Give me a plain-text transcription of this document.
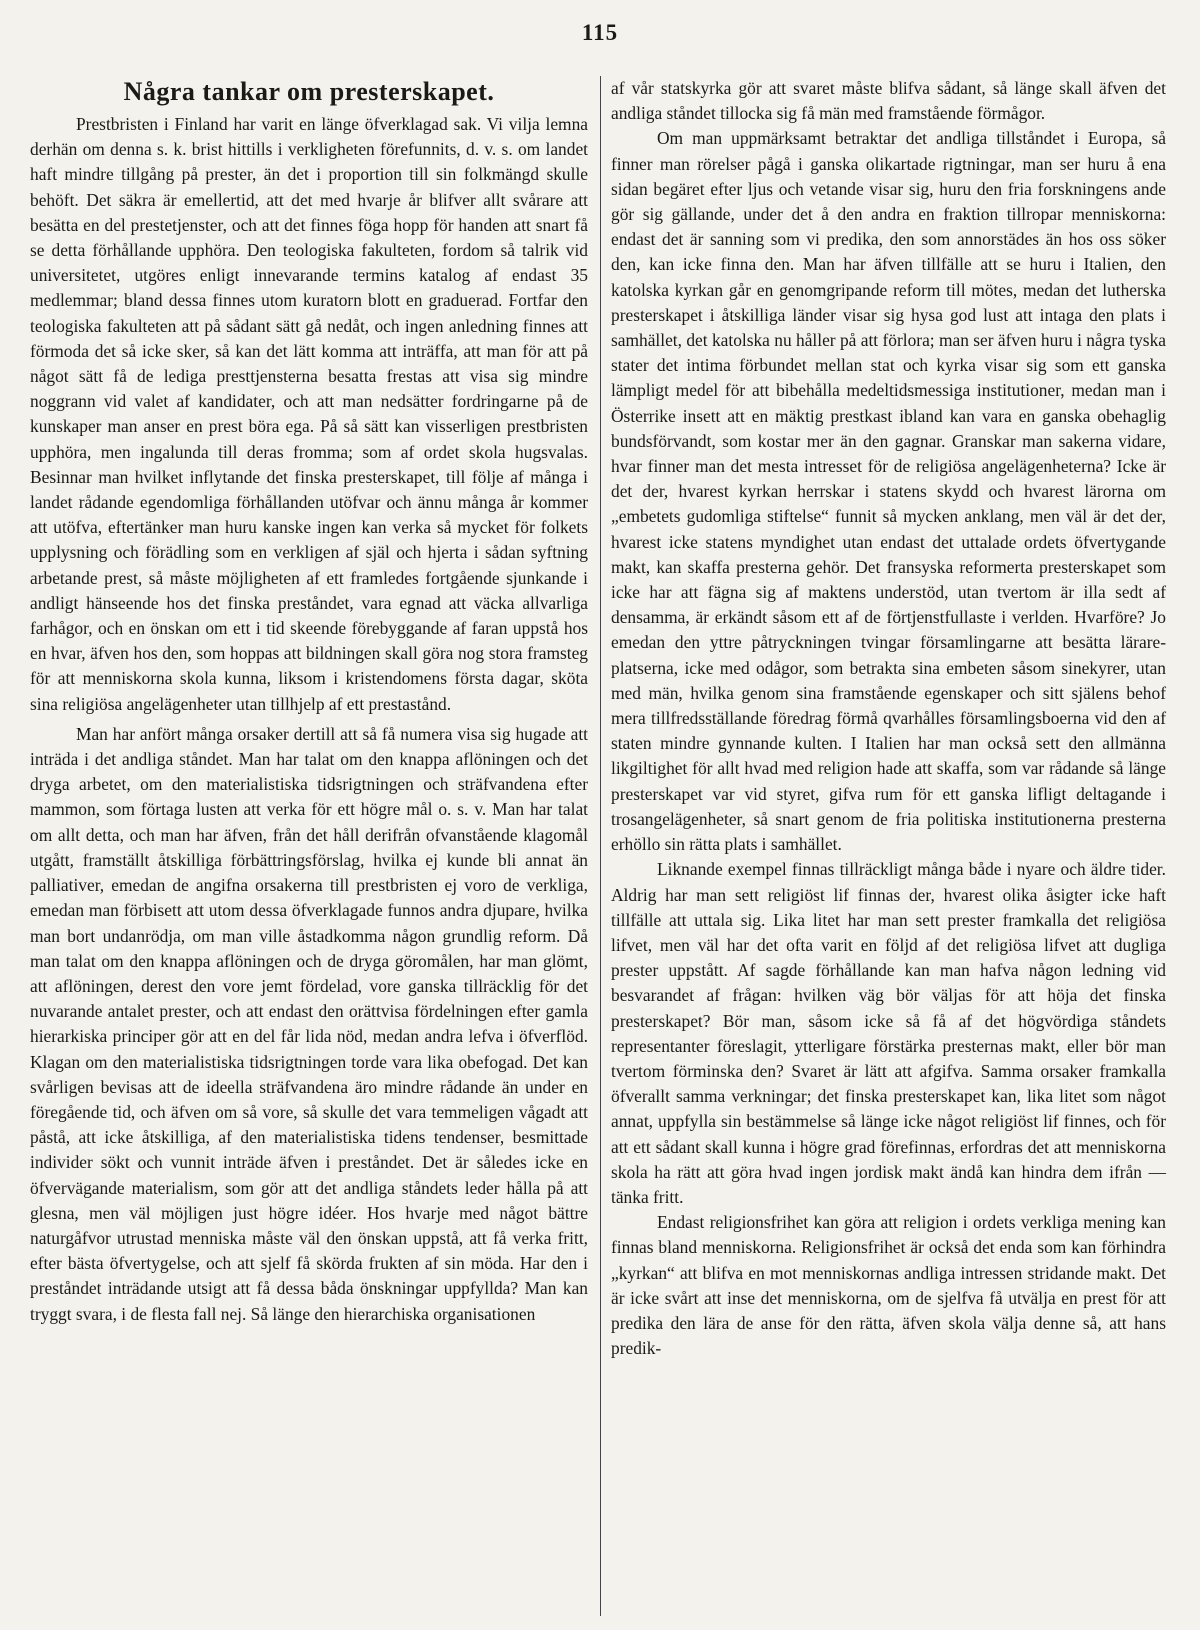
115
Några tankar om presterskapet.

Prestbristen i Finland har varit en länge öfverklagad sak. Vi vilja lemna derhän om denna s. k. brist hittills i verkligheten förefunnits, d. v. s. om landet haft mindre tillgång på prester, än det i proportion till sin folkmängd skulle behöft. Det säkra är emellertid, att det med hvarje år blifver allt svårare att besätta en del prestetjenster, och att det finnes föga hopp för handen att snart få se detta förhållande upphöra. Den teologiska fakulteten, fordom så talrik vid universitetet, utgöres enligt innevarande termins katalog af endast 35 medlemmar; bland dessa finnes utom kuratorn blott en graduerad. Fortfar den teologiska fakulteten att på sådant sätt gå nedåt, och ingen anledning finnes att förmoda det så icke sker, så kan det lätt komma att inträffa, att man för att på något sätt få de lediga presttjensterna besatta frestas att visa sig mindre noggrann vid valet af kandidater, och att man nedsätter fordringarne på de kunskaper man anser en prest böra ega. På så sätt kan visserligen prestbristen upphöra, men ingalunda till deras fromma; som af ordet skola hugsvalas. Besinnar man hvilket inflytande det finska presterskapet, till följe af många i landet rådande egendomliga förhållanden utöfvar och ännu många år kommer att utöfva, eftertänker man huru kanske ingen kan verka så mycket för folkets upplysning och förädling som en verkligen af själ och hjerta i sådan syftning arbetande prest, så måste möjligheten af ett framledes fortgående sjunkande i andligt hänseende hos det finska preståndet, vara egnad att väcka allvarliga farhågor, och en önskan om ett i tid skeende förebyggande af faran uppstå hos en hvar, äfven hos den, som hoppas att bildningen skall göra nog stora framsteg för att menniskorna skola kunna, liksom i kristendomens första dagar, sköta sina religiösa angelägenheter utan tillhjelp af ett prestastånd.

Man har anfört många orsaker dertill att så få numera visa sig hugade att inträda i det andliga ståndet. Man har talat om den knappa aflöningen och det dryga arbetet, om den materialistiska tidsrigtningen och sträfvandena efter mammon, som förtaga lusten att verka för ett högre mål o. s. v. Man har talat om allt detta, och man har äfven, från det håll derifrån ofvanstående klagomål utgått, framställt åtskilliga förbättringsförslag, hvilka ej kunde bli annat än palliativer, emedan de angifna orsakerna till prestbristen ej voro de verkliga, emedan man förbisett att utom dessa öfverklagade funnos andra djupare, hvilka man bort undanrödja, om man ville åstadkomma någon grundlig reform. Då man talat om den knappa aflöningen och de dryga göromålen, har man glömt, att aflöningen, derest den vore jemt fördelad, vore ganska tillräcklig för det nuvarande antalet prester, och att endast den orättvisa fördelningen efter gamla hierarkiska principer gör att en del får lida nöd, medan andra lefva i öfverflöd. Klagan om den materialistiska tidsrigtningen torde vara lika obefogad. Det kan svårligen bevisas att de ideella sträfvandena äro mindre rådande än under en föregående tid, och äfven om så vore, så skulle det vara temmeligen vågadt att påstå, att icke åtskilliga, af den materialistiska tidens tendenser, besmittade individer sökt och vunnit inträde äfven i preståndet. Det är således icke en öfvervägande materialism, som gör att det andliga ståndets leder hålla på att glesna, men väl möjligen just högre idéer. Hos hvarje med något bättre naturgåfvor utrustad menniska måste väl den önskan uppstå, att få verka fritt, efter bästa öfvertygelse, och att sjelf få skörda frukten af sin möda. Har den i preståndet inträdande utsigt att få dessa båda önskningar uppfyllda? Man kan tryggt svara, i de flesta fall nej. Så länge den hierarchiska organisationen

af vår statskyrka gör att svaret måste blifva sådant, så länge skall äfven det andliga ståndet tillocka sig få män med framstående förmågor.

Om man uppmärksamt betraktar det andliga tillståndet i Europa, så finner man rörelser pågå i ganska olikartade rigtningar, man ser huru å ena sidan begäret efter ljus och vetande visar sig, huru den fria forskningens ande gör sig gällande, under det å den andra en fraktion tillropar menniskorna: endast det är sanning som vi predika, den som annorstädes än hos oss söker den, kan icke finna den. Man har äfven tillfälle att se huru i Italien, den katolska kyrkan går en genomgripande reform till mötes, medan det lutherska presterskapet i åtskilliga länder visar sig hysa god lust att intaga den plats i samhället, det katolska nu håller på att förlora; man ser äfven huru i några tyska stater det intima förbundet mellan stat och kyrka visar sig som ett ganska lämpligt medel för att bibehålla medeltidsmessiga institutioner, medan man i Österrike insett att en mäktig prestkast ibland kan vara en ganska obehaglig bundsförvandt, som kostar mer än den gagnar. Granskar man sakerna vidare, hvar finner man det mesta intresset för de religiösa angelägenheterna? Icke är det der, hvarest kyrkan herrskar i statens skydd och hvarest lärorna om „embetets gudomliga stiftelse“ funnit så mycken anklang, men väl är det der, hvarest icke statens myndighet utan endast det uttalade ordets öfvertygande makt, kan skaffa presterna gehör. Det fransyska reformerta presterskapet som icke har att fägna sig af maktens understöd, utan tvertom är illa sedt af densamma, är erkändt såsom ett af de förtjenstfullaste i verlden. Hvarföre? Jo emedan den yttre påtryckningen tvingar församlingarne att besätta lärare-platserna, icke med odågor, som betrakta sina embeten såsom sinekyrer, utan med män, hvilka genom sina framstående egenskaper och sitt själens behof mera tillfredsställande föredrag förmå qvarhålles församlingsboerna vid den af staten mindre gynnande kulten. I Italien har man också sett den allmänna likgiltighet för allt hvad med religion hade att skaffa, som var rådande så länge presterskapet var vid styret, gifva rum för ett ganska lifligt deltagande i trosangelägenheter, så snart genom de fria politiska institutionerna presterna erhöllo sin rätta plats i samhället.

Liknande exempel finnas tillräckligt många både i nyare och äldre tider. Aldrig har man sett religiöst lif finnas der, hvarest olika åsigter icke haft tillfälle att uttala sig. Lika litet har man sett prester framkalla det religiösa lifvet, men väl har det ofta varit en följd af det religiösa lifvet att dugliga prester uppstått. Af sagde förhållande kan man hafva någon ledning vid besvarandet af frågan: hvilken väg bör väljas för att höja det finska presterskapet? Bör man, såsom icke så få af det högvördiga ståndets representanter föreslagit, ytterligare förstärka presternas makt, eller bör man tvertom förminska den? Svaret är lätt att afgifva. Samma orsaker framkalla öfverallt samma verkningar; det finska presterskapet kan, lika litet som något annat, uppfylla sin bestämmelse så länge icke något religiöst lif finnes, och för att ett sådant skall kunna i högre grad förefinnas, erfordras det att menniskorna skola ha rätt att göra hvad ingen jordisk makt ändå kan hindra dem ifrån — tänka fritt.

Endast religionsfrihet kan göra att religion i ordets verkliga mening kan finnas bland menniskorna. Religionsfrihet är också det enda som kan förhindra „kyrkan“ att blifva en mot menniskornas andliga intressen stridande makt. Det är icke svårt att inse det menniskorna, om de sjelfva få utvälja en prest för att predika den lära de anse för den rätta, äfven skola välja denne så, att hans predik-
